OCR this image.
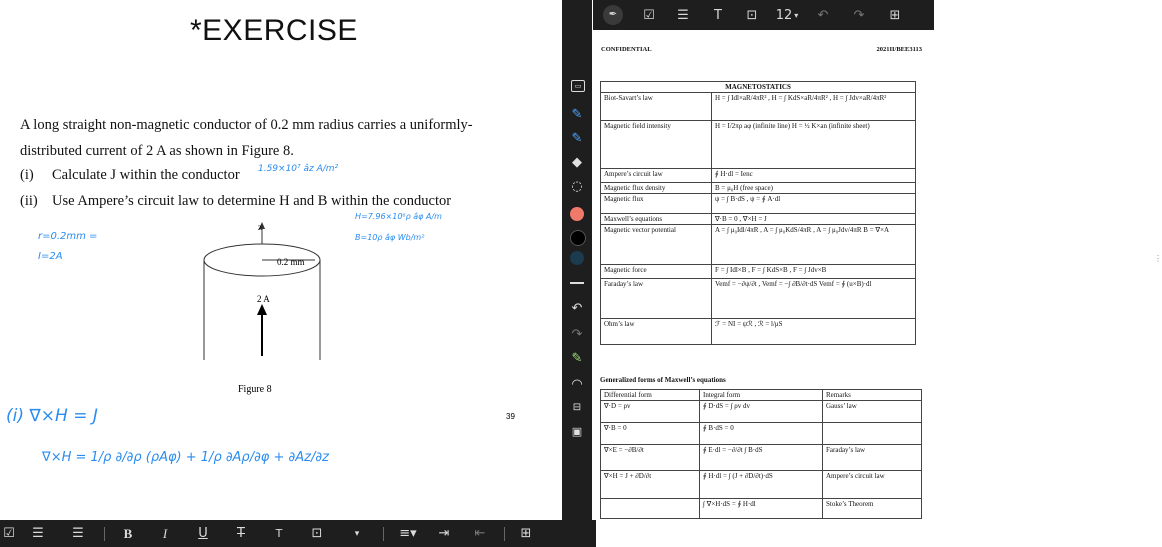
*EXERCISE
A long straight non-magnetic conductor of 0.2 mm radius carries a uniformly-
distributed current of 2 A as shown in Figure 8.
(i) Calculate J within the conductor
(ii) Use Ampere’s circuit law to determine H and B within the conductor
1.59×10⁷ âz A/m²
H=7.96×10⁶ρ âφ A/m
B=10ρ âφ Wb/m²
r=0.2mm =
I=2A
(i) ∇×H = J
∇×H = 1/ρ ∂/∂ρ (ρAφ) + 1/ρ ∂Aρ/∂φ + ∂Az/∂z
z
0.2 mm
2 A
Figure 8
39
▭
✎
✎
◆
◌
↶
↷
✎
◠
⊟
▣
⋮
✒	☑	☰	T	⊡	12 ▾	↶	↷	⊞
☑	☰	☰	B	I	U	T	T	⊡	▾	≡▾	⇥	⇤	⊞
CONFIDENTIAL	2021II/BEE3113
MAGNETOSTATICS	
Biot-Savart’s law	H = ∫ Idl×aR/4πR² , H = ∫ KdS×aR/4πR² , H = ∫ Jdv×aR/4πR²
Magnetic field intensity	H = I/2πρ aφ (infinite line) H = ½ K×an (infinite sheet)
Ampere’s circuit law	∮ H·dl = Ienc
Magnetic flux density	B = μ₀H (free space)
Magnetic flux	ψ = ∫ B·dS , ψ = ∮ A·dl
Maxwell’s equations	∇·B = 0 , ∇×H = J
Magnetic vector potential	A = ∫ μ₀Idl/4πR , A = ∫ μ₀KdS/4πR , A = ∫ μ₀Jdv/4πR B = ∇×A
Magnetic force	F = ∫ Idl×B , F = ∫ KdS×B , F = ∫ Jdv×B
Faraday’s law	Vemf = −∂ψ/∂t , Vemf = −∫ ∂B/∂t·dS Vemf = ∮ (u×B)·dl
Ohm’s law	ℱ = NI = ψℛ , ℛ = l/μS
Generalized forms of Maxwell’s equations
Differential form	Integral form	Remarks
∇·D = ρv	∮ D·dS = ∫ ρv dv	Gauss’ law
∇·B = 0	∮ B·dS = 0	
∇×E = −∂B/∂t	∮ E·dl = −∂/∂t ∫ B·dS	Faraday’s law
∇×H = J + ∂D/∂t	∮ H·dl = ∫ (J + ∂D/∂t)·dS	Ampere’s circuit law
	∫ ∇×H·dS = ∮ H·dl	Stoke’s Theorem
